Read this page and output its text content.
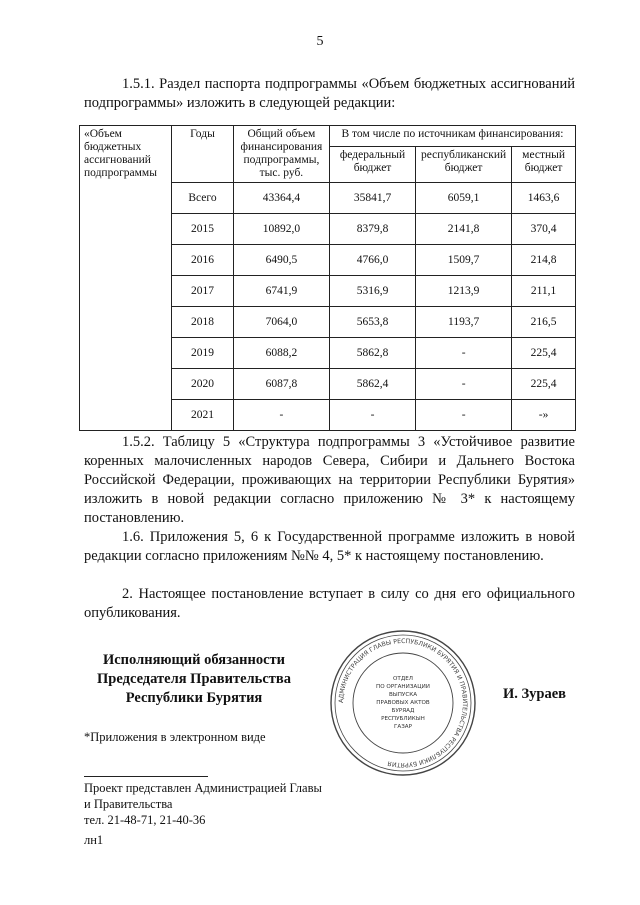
5

1.5.1. Раздел паспорта подпрограммы «Объем бюджетных ассигнований подпрограммы» изложить в следующей редакции:

«Объем бюджетных ассигнований подпрограммы	Годы	Общий объем финансирования подпрограммы, тыс. руб.	В том числе по источникам финансирования:		
			федеральный бюджет	республиканский бюджет	местный бюджет
	Всего	43364,4	35841,7	6059,1	1463,6
	2015	10892,0	8379,8	2141,8	370,4
	2016	6490,5	4766,0	1509,7	214,8
	2017	6741,9	5316,9	1213,9	211,1
	2018	7064,0	5653,8	1193,7	216,5
	2019	6088,2	5862,8	-	225,4
	2020	6087,8	5862,4	-	225,4
	2021	-	-	-	-»

1.5.2. Таблицу 5 «Структура подпрограммы 3 «Устойчивое развитие коренных малочисленных народов Севера, Сибири и Дальнего Востока Российской Федерации, проживающих на территории Республики Бурятия» изложить в новой редакции согласно приложению № 3* к настоящему постановлению.

1.6. Приложения 5, 6 к Государственной программе изложить в новой редакции согласно приложениям №№ 4, 5* к настоящему постановлению.

2. Настоящее постановление вступает в силу со дня его официального опубликования.

Исполняющий обязанности
Председателя Правительства
Республики Бурятия	АДМИНИСТРАЦИЯ ГЛАВЫ РЕСПУБЛИКИ БУРЯТИЯ И ПРАВИТЕЛЬСТВА РЕСПУБЛИКИ БУРЯТИЯ
ОТДЕЛ
ПО ОРГАНИЗАЦИИ
ВЫПУСКА
ПРАВОВЫХ АКТОВ
БУРЯАД
РЕСПУБЛИКЫН
ГАЗАР
И. Зураев
*Приложения в электронном виде
Проект представлен Администрацией Главы
и Правительства
тел. 21-48-71, 21-40-36
лн1
